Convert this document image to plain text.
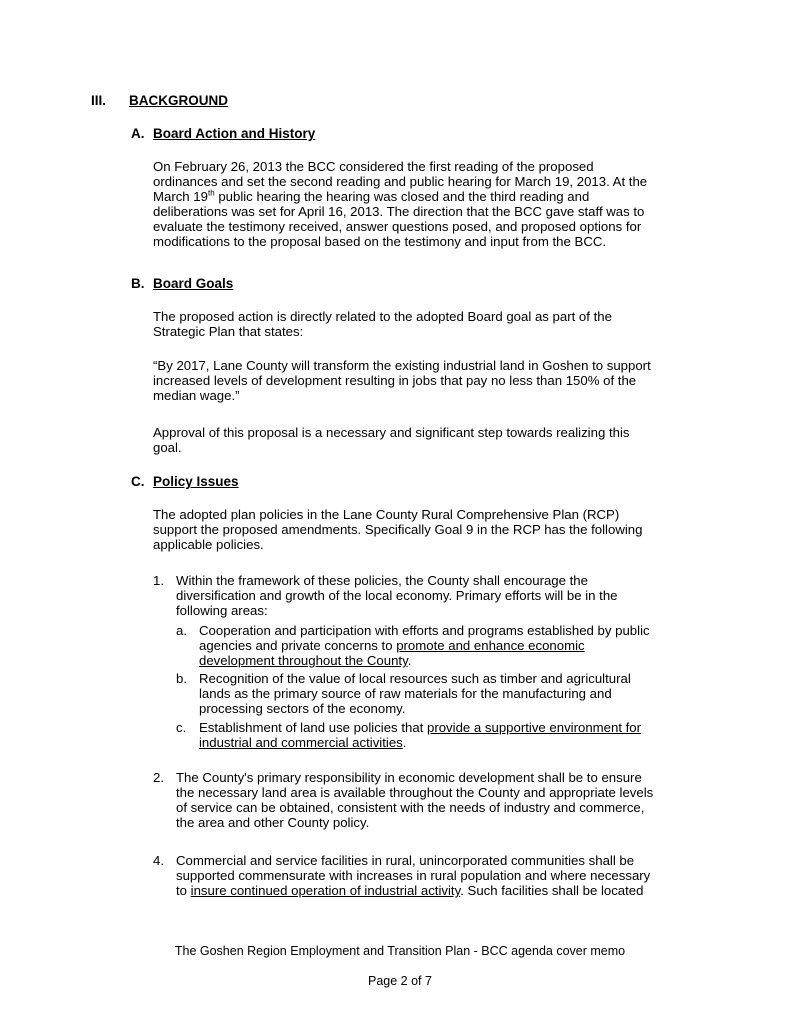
III. BACKGROUND
A. Board Action and History
On February 26, 2013 the BCC considered the first reading of the proposed
ordinances and set the second reading and public hearing for March 19, 2013. At the
March 19th public hearing the hearing was closed and the third reading and
deliberations was set for April 16, 2013. The direction that the BCC gave staff was to
evaluate the testimony received, answer questions posed, and proposed options for
modifications to the proposal based on the testimony and input from the BCC.
B. Board Goals
The proposed action is directly related to the adopted Board goal as part of the
Strategic Plan that states:
“By 2017, Lane County will transform the existing industrial land in Goshen to support
increased levels of development resulting in jobs that pay no less than 150% of the
median wage.”
Approval of this proposal is a necessary and significant step towards realizing this
goal.
C. Policy Issues
The adopted plan policies in the Lane County Rural Comprehensive Plan (RCP)
support the proposed amendments. Specifically Goal 9 in the RCP has the following
applicable policies.
1. Within the framework of these policies, the County shall encourage the
diversification and growth of the local economy. Primary efforts will be in the
following areas:
a. Cooperation and participation with efforts and programs established by public
agencies and private concerns to promote and enhance economic
development throughout the County.
b. Recognition of the value of local resources such as timber and agricultural
lands as the primary source of raw materials for the manufacturing and
processing sectors of the economy.
c. Establishment of land use policies that provide a supportive environment for
industrial and commercial activities.
2. The County's primary responsibility in economic development shall be to ensure
the necessary land area is available throughout the County and appropriate levels
of service can be obtained, consistent with the needs of industry and commerce,
the area and other County policy.
4. Commercial and service facilities in rural, unincorporated communities shall be
supported commensurate with increases in rural population and where necessary
to insure continued operation of industrial activity. Such facilities shall be located
The Goshen Region Employment and Transition Plan - BCC agenda cover memo
Page 2 of 7
